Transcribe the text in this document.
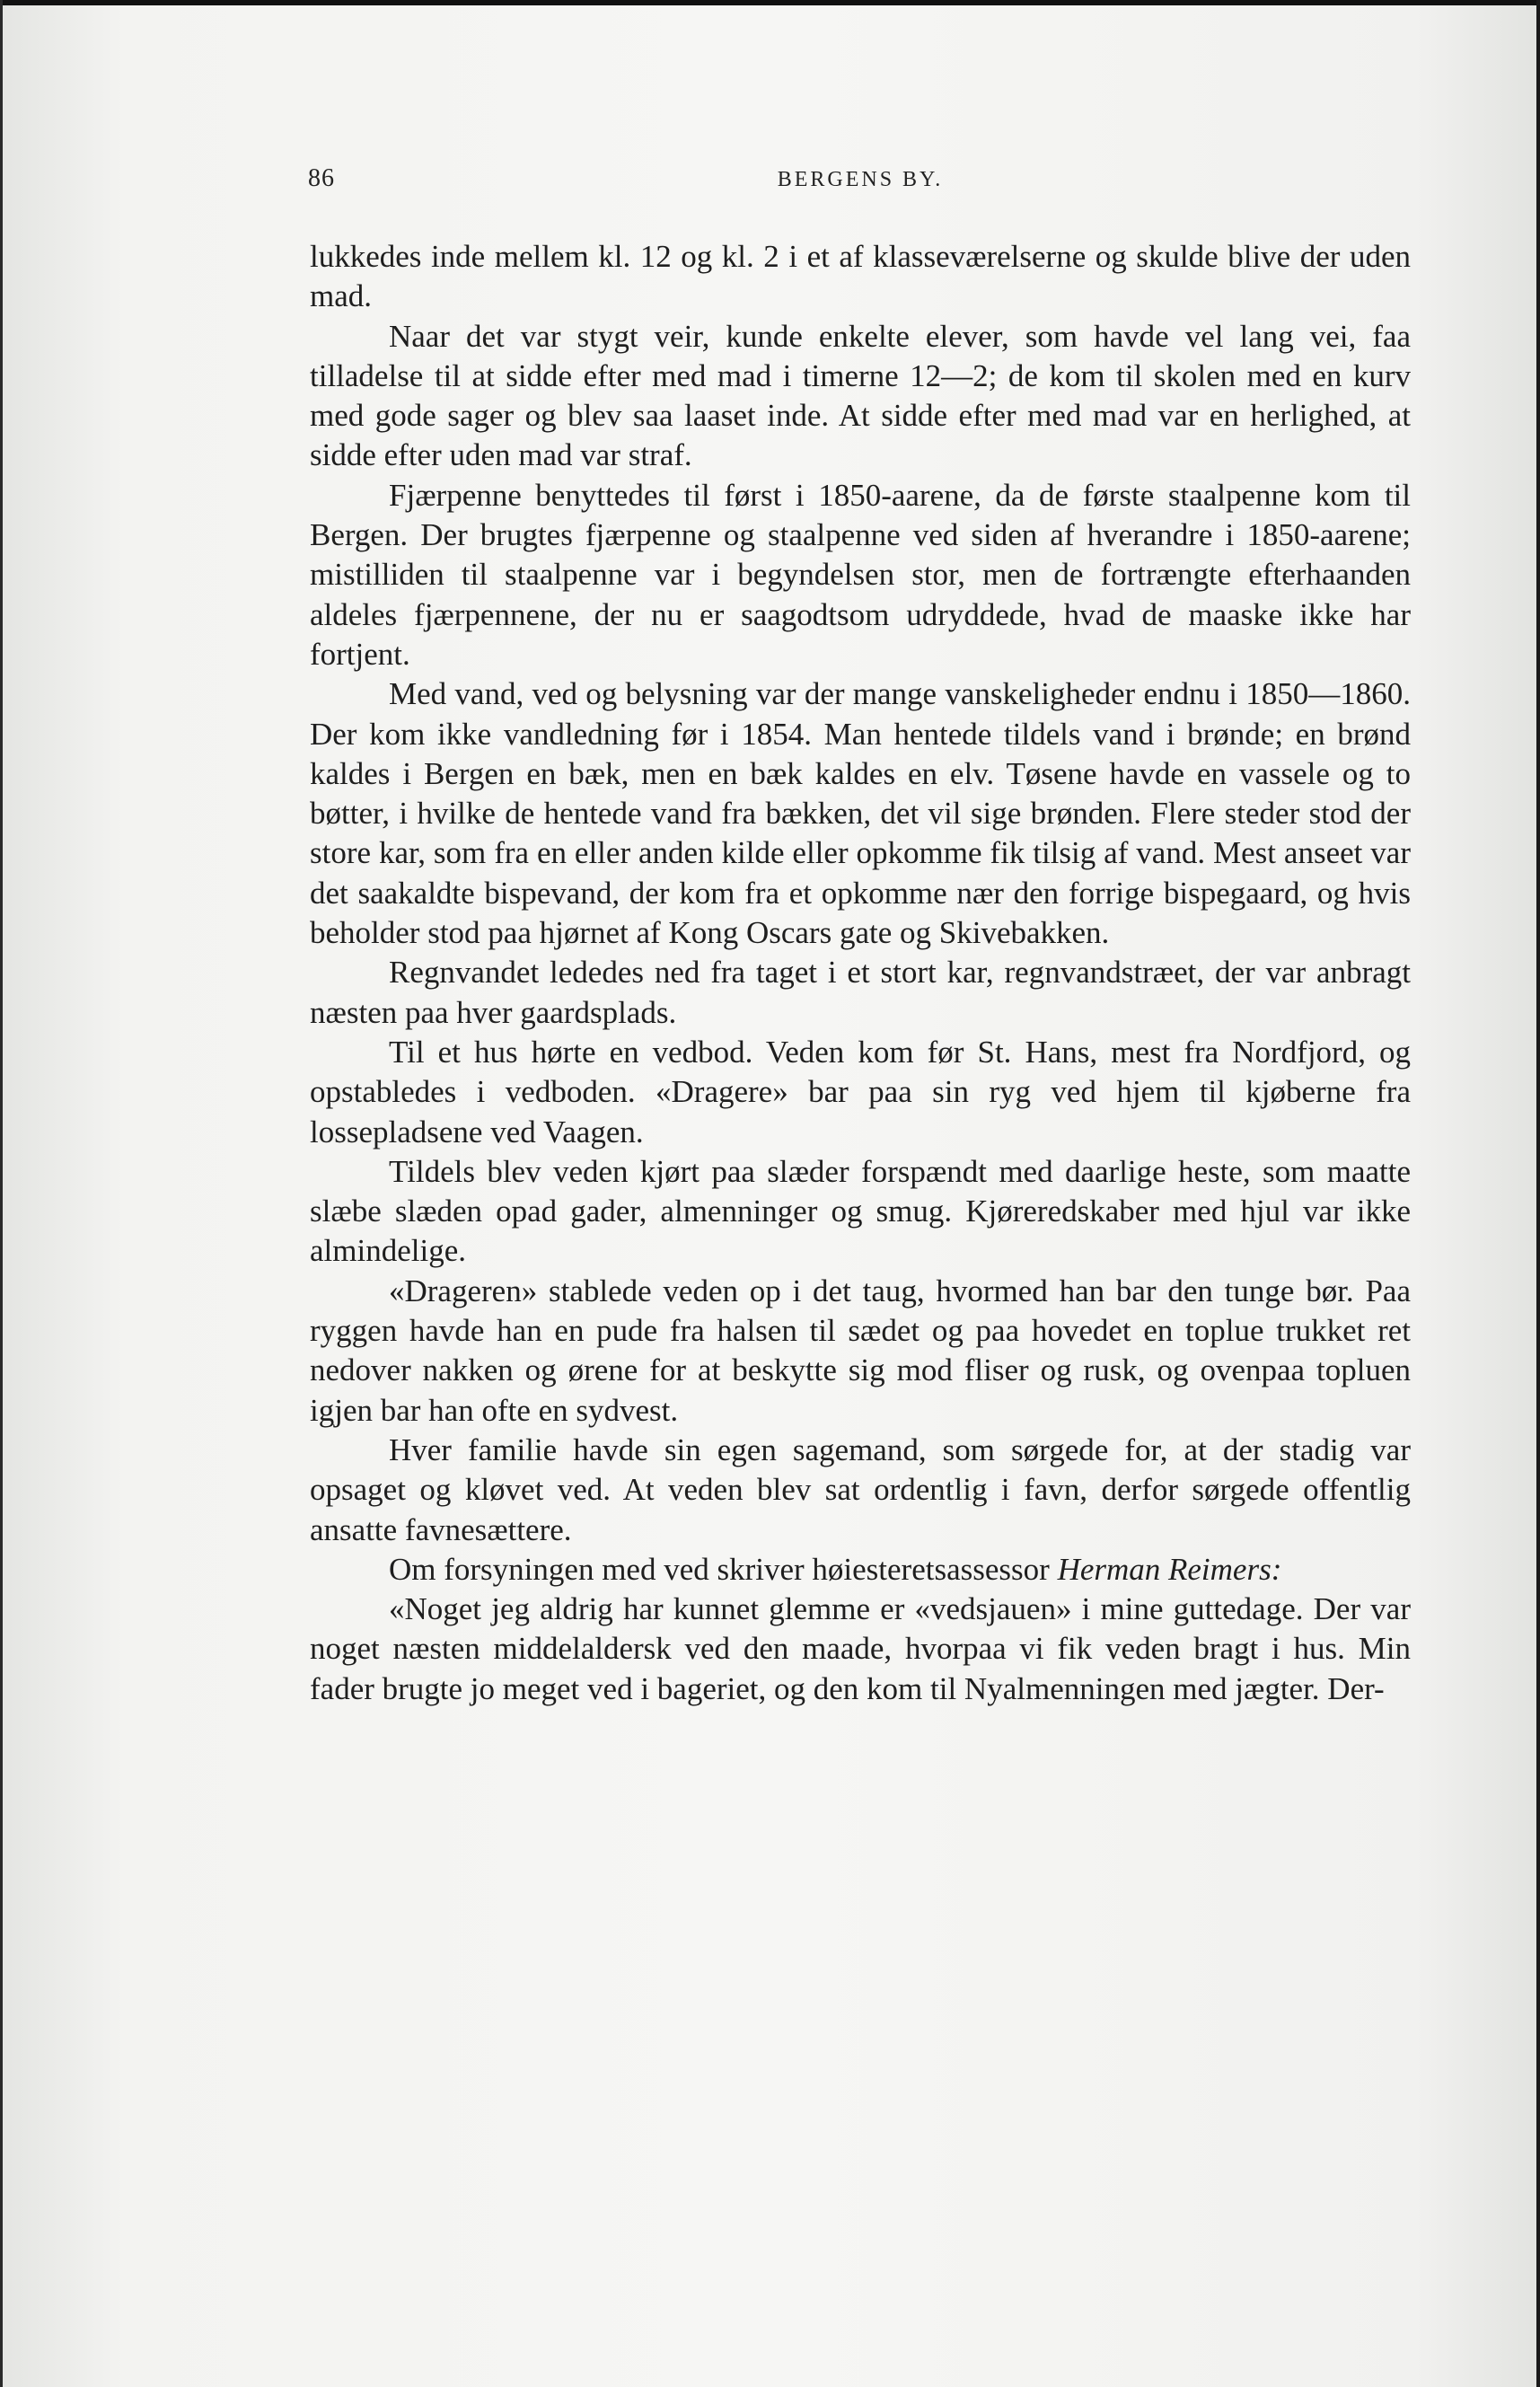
86	BERGENS BY.

lukkedes inde mellem kl. 12 og kl. 2 i et af klasseværelserne og skulde blive der uden mad.

Naar det var stygt veir, kunde enkelte elever, som havde vel lang vei, faa tilladelse til at sidde efter med mad i timerne 12—2; de kom til skolen med en kurv med gode sager og blev saa laaset inde. At sidde efter med mad var en herlighed, at sidde efter uden mad var straf.

Fjærpenne benyttedes til først i 1850-aarene, da de første staalpenne kom til Bergen. Der brugtes fjærpenne og staalpenne ved siden af hverandre i 1850-aarene; mistilliden til staalpenne var i begyndelsen stor, men de fortrængte efterhaanden aldeles fjærpennene, der nu er saagodtsom udryddede, hvad de maaske ikke har fortjent.

Med vand, ved og belysning var der mange vanskeligheder endnu i 1850—1860. Der kom ikke vandledning før i 1854. Man hentede tildels vand i brønde; en brønd kaldes i Bergen en bæk, men en bæk kaldes en elv. Tøsene havde en vassele og to bøtter, i hvilke de hentede vand fra bækken, det vil sige brønden. Flere steder stod der store kar, som fra en eller anden kilde eller opkomme fik tilsig af vand. Mest anseet var det saakaldte bispevand, der kom fra et opkomme nær den forrige bispegaard, og hvis beholder stod paa hjørnet af Kong Oscars gate og Skivebakken.

Regnvandet lededes ned fra taget i et stort kar, regnvandstræet, der var anbragt næsten paa hver gaardsplads.

Til et hus hørte en vedbod. Veden kom før St. Hans, mest fra Nordfjord, og opstabledes i vedboden. «Dragere» bar paa sin ryg ved hjem til kjøberne fra lossepladsene ved Vaagen.

Tildels blev veden kjørt paa slæder forspændt med daarlige heste, som maatte slæbe slæden opad gader, almenninger og smug. Kjøreredskaber med hjul var ikke almindelige.

«Drageren» stablede veden op i det taug, hvormed han bar den tunge bør. Paa ryggen havde han en pude fra halsen til sædet og paa hovedet en toplue trukket ret nedover nakken og ørene for at beskytte sig mod fliser og rusk, og ovenpaa topluen igjen bar han ofte en sydvest.

Hver familie havde sin egen sagemand, som sørgede for, at der stadig var opsaget og kløvet ved. At veden blev sat ordentlig i favn, derfor sørgede offentlig ansatte favnesættere.

Om forsyningen med ved skriver høiesteretsassessor Herman Reimers:

«Noget jeg aldrig har kunnet glemme er «vedsjauen» i mine guttedage. Der var noget næsten middelaldersk ved den maade, hvorpaa vi fik veden bragt i hus. Min fader brugte jo meget ved i bageriet, og den kom til Nyalmenningen med jægter. Der-
